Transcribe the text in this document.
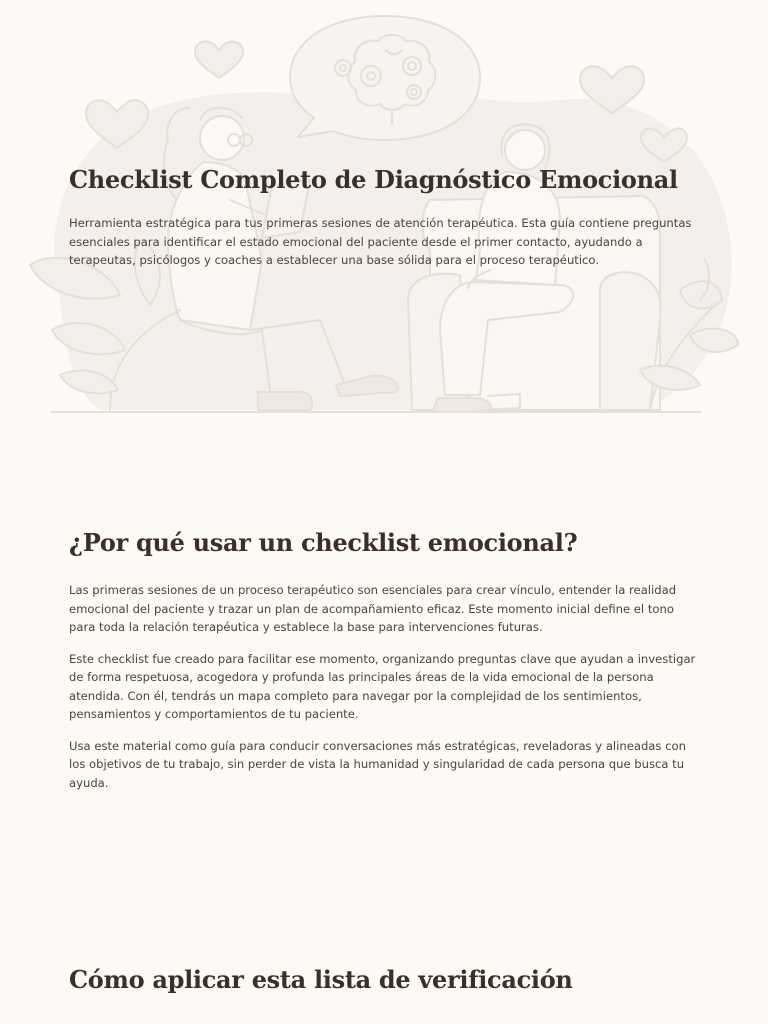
Checklist Completo de Diagnóstico Emocional

Herramienta estratégica para tus primeras sesiones de atención terapéutica. Esta guía contiene preguntas esenciales para identificar el estado emocional del paciente desde el primer contacto, ayudando a terapeutas, psicólogos y coaches a establecer una base sólida para el proceso terapéutico.

¿Por qué usar un checklist emocional?

Las primeras sesiones de un proceso terapéutico son esenciales para crear vínculo, entender la realidad emocional del paciente y trazar un plan de acompañamiento eficaz. Este momento inicial define el tono para toda la relación terapéutica y establece la base para intervenciones futuras.

Este checklist fue creado para facilitar ese momento, organizando preguntas clave que ayudan a investigar de forma respetuosa, acogedora y profunda las principales áreas de la vida emocional de la persona atendida. Con él, tendrás un mapa completo para navegar por la complejidad de los sentimientos, pensamientos y comportamientos de tu paciente.

Usa este material como guía para conducir conversaciones más estratégicas, reveladoras y alineadas con los objetivos de tu trabajo, sin perder de vista la humanidad y singularidad de cada persona que busca tu ayuda.

Cómo aplicar esta lista de verificación
